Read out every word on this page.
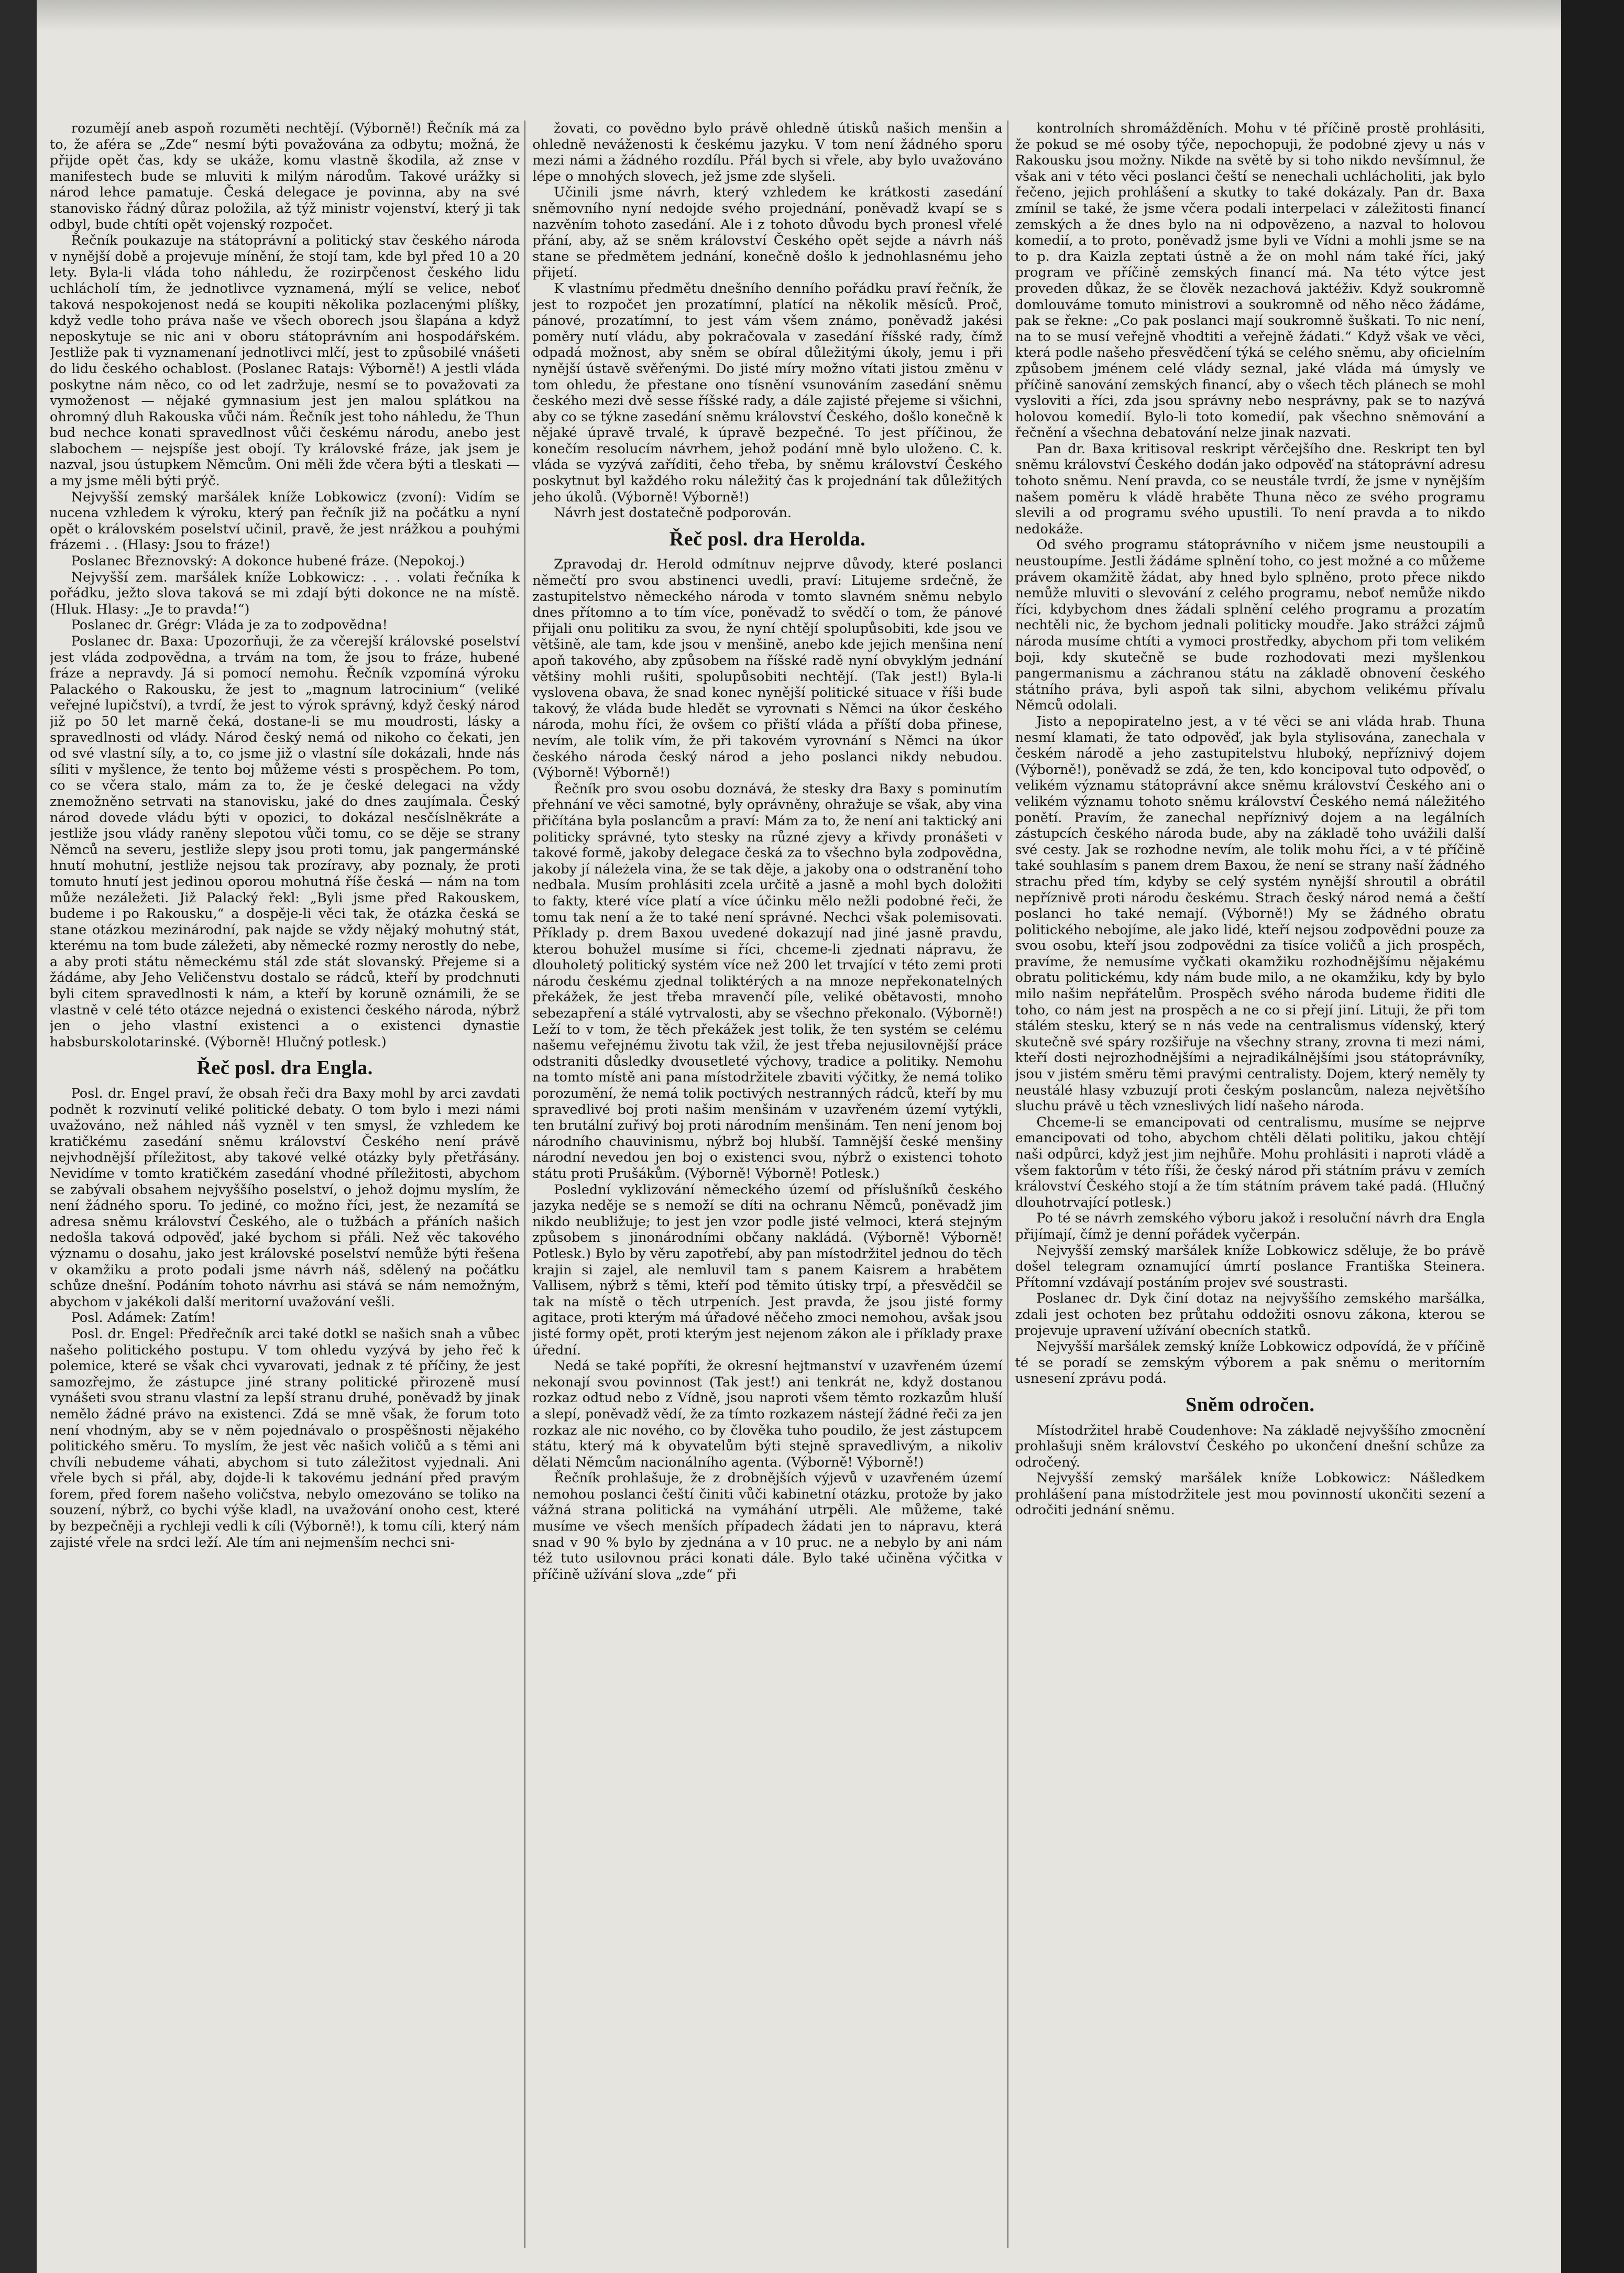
rozumějí aneb aspoň rozuměti nechtějí. (Výborně!) Řečník má za to, že aféra se „Zde“ nesmí býti považována za odbytu; možná, že přijde opět čas, kdy se ukáže, komu vlastně škodila, až znse v manifestech bude se mluviti k milým národům. Takové urážky si národ lehce pamatuje. Česká delegace je povinna, aby na své stanovisko řádný důraz položila, až týž ministr vojenství, který ji tak odbyl, bude chtíti opět vojenský rozpočet.

Řečník poukazuje na státoprávní a politický stav českého národa v nynější době a projevuje mínění, že stojí tam, kde byl před 10 a 20 lety. Byla-li vláda toho náhledu, že rozirpčenost českého lidu uchlácholí tím, že jednotlivce vyznamená, mýlí se velice, neboť taková nespokojenost nedá se koupiti několika pozlacenými plíšky, když vedle toho práva naše ve všech oborech jsou šlapána a když neposkytuje se nic ani v oboru státoprávním ani hospodářském. Jestliže pak ti vyznamenaní jednotlivci mlčí, jest to způsobilé vnášeti do lidu českého ochablost. (Poslanec Ratajs: Výborně!) A jestli vláda poskytne nám něco, co od let zadržuje, nesmí se to považovati za vymoženost — nějaké gymnasium jest jen malou splátkou na ohromný dluh Rakouska vůči nám. Řečník jest toho náhledu, že Thun bud nechce konati spravedlnost vůči českému národu, anebo jest slabochem — nejspíše jest obojí. Ty královské fráze, jak jsem je nazval, jsou ústupkem Němcům. Oni měli žde včera býti a tleskati — a my jsme měli býti prýč.

Nejvyšší zemský maršálek kníže Lobkowicz (zvoní): Vidím se nucena vzhledem k výroku, který pan řečník již na počátku a nyní opět o královském poselství učinil, pravě, že jest nrážkou a pouhými frázemi . . (Hlasy: Jsou to fráze!)

Poslanec Březnovský: A dokonce hubené fráze. (Nepokoj.)

Nejvyšší zem. maršálek kníže Lobkowicz: . . . volati řečníka k pořádku, ježto slova taková se mi zdají býti dokonce ne na místě. (Hluk. Hlasy: „Je to pravda!“)

Poslanec dr. Grégr: Vláda je za to zodpovědna!

Poslanec dr. Baxa: Upozorňuji, že za včerejší královské poselství jest vláda zodpovědna, a trvám na tom, že jsou to fráze, hubené fráze a nepravdy. Já si pomocí nemohu. Řečník vzpomíná výroku Palackého o Rakousku, že jest to „magnum latrocinium“ (veliké veřejné lupičství), a tvrdí, že jest to výrok správný, když český národ již po 50 let marně čeká, dostane-li se mu moudrosti, lásky a spravedlnosti od vlády. Národ český nemá od nikoho co čekati, jen od své vlastní síly, a to, co jsme již o vlastní síle dokázali, hnde nás síliti v myšlence, že tento boj můžeme vésti s prospěchem. Po tom, co se včera stalo, mám za to, že je české delegaci na vždy znemožněno setrvati na stanovisku, jaké do dnes zaujímala. Český národ dovede vládu býti v opozici, to dokázal nesčíslněkráte a jestliže jsou vlády raněny slepotou vůči tomu, co se děje se strany Němců na severu, jestliže slepy jsou proti tomu, jak pangermánské hnutí mohutní, jestliže nejsou tak prozíravy, aby poznaly, že proti tomuto hnutí jest jedinou oporou mohutná říše česká — nám na tom může nezáležeti. Již Palacký řekl: „Byli jsme před Rakouskem, budeme i po Rakousku,“ a dospěje-li věci tak, že otázka česká se stane otázkou mezinárodní, pak najde se vždy nějaký mohutný stát, kterému na tom bude záležeti, aby německé rozmy nerostly do nebe, a aby proti státu německému stál zde stát slovanský. Přejeme si a žádáme, aby Jeho Veličenstvu dostalo se rádců, kteří by prodchnuti byli citem spravedlnosti k nám, a kteří by koruně oznámili, že se vlastně v celé této otázce nejedná o existenci českého národa, nýbrž jen o jeho vlastní existenci a o existenci dynastie habsburskolotarinské. (Výborně! Hlučný potlesk.)

Řeč posl. dra Engla.

Posl. dr. Engel praví, že obsah řeči dra Baxy mohl by arci zavdati podnět k rozvinutí veliké politické debaty. O tom bylo i mezi námi uvažováno, než náhled náš vyzněl v ten smysl, že vzhledem ke kratičkému zasedání sněmu království Českého není právě nejvhodnější příležitost, aby takové velké otázky byly přetřásány. Nevidíme v tomto kratičkém zasedání vhodné příležitosti, abychom se zabývali obsahem nejvyššího poselství, o jehož dojmu myslím, že není žádného sporu. To jediné, co možno říci, jest, že nezamítá se adresa sněmu království Českého, ale o tužbách a přáních našich nedošla taková odpověď, jaké bychom si přáli. Než věc takového významu o dosahu, jako jest královské poselství nemůže býti řešena v okamžiku a proto podali jsme návrh náš, sdělený na počátku schůze dnešní. Podáním tohoto návrhu asi stává se nám nemožným, abychom v jakékoli další meritorní uvažování vešli.

Posl. Adámek: Zatím!

Posl. dr. Engel: Předřečník arci také dotkl se našich snah a vůbec našeho politického postupu. V tom ohledu vyzývá by jeho řeč k polemice, které se však chci vyvarovati, jednak z té příčiny, že jest samozřejmo, že zástupce jiné strany politické přirozeně musí vynášeti svou stranu vlastní za lepší stranu druhé, poněvadž by jinak nemělo žádné právo na existenci. Zdá se mně však, že forum toto není vhodným, aby se v něm pojednávalo o prospěšnosti nějakého politického směru. To myslím, že jest věc našich voličů a s těmi ani chvíli nebudeme váhati, abychom si tuto záležitost vyjednali. Ani vřele bych si přál, aby, dojde-li k takovému jednání před pravým forem, před forem našeho voličstva, nebylo omezováno se toliko na souzení, nýbrž, co bychi výše kladl, na uvažování onoho cest, které by bezpečněji a rychleji vedli k cíli (Výborně!), k tomu cíli, který nám zajisté vřele na srdci leží. Ale tím ani nejmenším nechci sni-

žovati, co povědno bylo právě ohledně útisků našich menšin a ohledně neváženosti k českému jazyku. V tom není žádného sporu mezi námi a žádného rozdílu. Přál bych si vřele, aby bylo uvažováno lépe o mnohých slovech, jež jsme zde slyšeli.

Učinili jsme návrh, který vzhledem ke krátkosti zasedání sněmovního nyní nedojde svého projednání, poněvadž kvapí se s nazvěním tohoto zasedání. Ale i z tohoto důvodu bych pronesl vřelé přání, aby, až se sněm království Českého opět sejde a návrh náš stane se předmětem jednání, konečně došlo k jednohlasnému jeho přijetí.

K vlastnímu předmětu dnešního denního pořádku praví řečník, že jest to rozpočet jen prozatímní, platící na několik měsíců. Proč, pánové, prozatímní, to jest vám všem známo, poněvadž jakési poměry nutí vládu, aby pokračovala v zasedání říšské rady, čímž odpadá možnost, aby sněm se obíral důležitými úkoly, jemu i při nynější ústavě svěřenými. Do jisté míry možno vítati jistou změnu v tom ohledu, že přestane ono tísnění vsunováním zasedání sněmu českého mezi dvě sesse říšské rady, a dále zajisté přejeme si všichni, aby co se týkne zasedání sněmu království Českého, došlo konečně k nějaké úpravě trvalé, k úpravě bezpečné. To jest příčinou, že konečím resolucím návrhem, jehož podání mně bylo uloženo. C. k. vláda se vyzývá zaříditi, čeho třeba, by sněmu království Českého poskytnut byl každého roku náležitý čas k projednání tak důležitých jeho úkolů. (Výborně! Výborně!)

Návrh jest dostatečně podporován.

Řeč posl. dra Herolda.

Zpravodaj dr. Herold odmítnuv nejprve důvody, které poslanci němečtí pro svou abstinenci uvedli, praví: Litujeme srdečně, že zastupitelstvo německého národa v tomto slavném sněmu nebylo dnes přítomno a to tím více, poněvadž to svědčí o tom, že pánové přijali onu politiku za svou, že nyní chtějí spolupůsobiti, kde jsou ve většině, ale tam, kde jsou v menšině, anebo kde jejich menšina není apoň takového, aby způsobem na říšské radě nyní obvyklým jednání většiny mohli rušiti, spolupůsobiti nechtějí. (Tak jest!) Byla-li vyslovena obava, že snad konec nynější politické situace v říši bude takový, že vláda bude hledět se vyrovnati s Němci na úkor českého národa, mohu říci, že ovšem co přiští vláda a příští doba přinese, nevím, ale tolik vím, že při takovém vyrovnání s Němci na úkor českého národa český národ a jeho poslanci nikdy nebudou. (Výborně! Výborně!)

Řečník pro svou osobu doznává, že stesky dra Baxy s pominutím přehnání ve věci samotné, byly oprávněny, ohražuje se však, aby vina přičítána byla poslancům a praví: Mám za to, že není ani taktický ani politicky správné, tyto stesky na různé zjevy a křivdy pronášeti v takové formě, jakoby delegace česká za to všechno byla zodpovědna, jakoby jí náleżela vina, že se tak děje, a jakoby ona o odstranění toho nedbala. Musím prohlásiti zcela určitě a jasně a mohl bych doložiti to fakty, které více platí a více účinku mělo nežli podobné řeči, že tomu tak není a že to také není správné. Nechci však polemisovati. Příklady p. drem Baxou uvedené dokazují nad jiné jasně pravdu, kterou bohužel musíme si říci, chceme-li zjednati nápravu, že dlouholetý politický systém více než 200 let trvající v této zemi proti národu českému zjednal toliktérých a na mnoze nepřekonatelných překážek, že jest třeba mravenčí píle, veliké obětavosti, mnoho sebezapření a stálé vytrvalosti, aby se všechno překonalo. (Výborně!) Leží to v tom, že těch překážek jest tolik, že ten systém se celému našemu veřejnému životu tak vžil, že jest třeba nejusilovnější práce odstraniti důsledky dvousetleté výchovy, tradice a politiky. Nemohu na tomto místě ani pana místodržitele zbaviti výčitky, že nemá toliko porozumění, že nemá tolik poctivých nestranných rádců, kteří by mu spravedlivé boj proti našim menšinám v uzavřeném území vytýkli, ten brutální zuřivý boj proti národním menšinám. Ten není jenom boj národního chauvinismu, nýbrž boj hlubší. Tamnější české menšiny národní nevedou jen boj o existenci svou, nýbrž o existenci tohoto státu proti Prušákům. (Výborně! Výborně! Potlesk.)

Poslední vyklizování německého území od příslušníků českého jazyka neděje se s nemoží se díti na ochranu Němců, poněvadž jim nikdo neubližuje; to jest jen vzor podle jisté velmoci, která stejným způsobem s jinonárodními občany nakládá. (Výborně! Výborně! Potlesk.) Bylo by věru zapotřebí, aby pan místodržitel jednou do těch krajin si zajel, ale nemluvil tam s panem Kaisrem a hrabětem Vallisem, nýbrž s těmi, kteří pod těmito útisky trpí, a přesvědčil se tak na místě o těch utrpeních. Jest pravda, že jsou jisté formy agitace, proti kterým má úřadové něčeho zmoci nemohou, avšak jsou jisté formy opět, proti kterým jest nejenom zákon ale i příklady praxe úřední.

Nedá se také popříti, že okresní hejtmanství v uzavřeném území nekonají svou povinnost (Tak jest!) ani tenkrát ne, když dostanou rozkaz odtud nebo z Vídně, jsou naproti všem těmto rozkazům hluší a slepí, poněvadž vědí, že za tímto rozkazem nástejí žádné řeči za jen rozkaz ale nic nového, co by člověka tuho poudilo, že jest zástupcem státu, který má k obyvatelům býti stejně spravedlivým, a nikoliv dělati Němcům nacionálního agenta. (Výborně! Výborně!)

Řečník prohlašuje, že z drobnějších výjevů v uzavřeném území nemohou poslanci čeští činiti vůči kabinetní otázku, protože by jako vážná strana politická na vymáhání utrpěli. Ale můžeme, také musíme ve všech menších případech žádati jen to nápravu, která snad v 90 % bylo by zjednána a v 10 pruc. ne a nebylo by ani nám též tuto usilovnou práci konati dále. Bylo také učiněna výčitka v příčině užívání slova „zde“ při

kontrolních shromážděních. Mohu v té příčině prostě prohlásiti, že pokud se mé osoby týče, nepochopuji, že podobné zjevy u nás v Rakousku jsou možny. Nikde na světě by si toho nikdo nevšímnul, že však ani v této věci poslanci čeští se nenechali uchlácholiti, jak bylo řečeno, jejich prohlášení a skutky to také dokázaly. Pan dr. Baxa zmínil se také, že jsme včera podali interpelaci v záležitosti financí zemských a že dnes bylo na ni odpovězeno, a nazval to holovou komedií, a to proto, poněvadž jsme byli ve Vídni a mohli jsme se na to p. dra Kaizla zeptati ústně a že on mohl nám také říci, jaký program ve příčině zemských financí má. Na této výtce jest proveden důkaz, že se člověk nezachová jaktéživ. Když soukromně domlouváme tomuto ministrovi a soukromně od něho něco žádáme, pak se řekne: „Co pak poslanci mají soukromně šuškati. To nic není, na to se musí veřejně vhodtiti a veřejně žádati.“ Když však ve věci, která podle našeho přesvědčení týká se celého sněmu, aby oficielním způsobem jménem celé vlády seznal, jaké vláda má úmysly ve příčině sanování zemských financí, aby o všech těch plánech se mohl vysloviti a říci, zda jsou správny nebo nesprávny, pak se to nazývá holovou komedií. Bylo-li toto komedií, pak všechno sněmování a řečnění a všechna debatování nelze jinak nazvati.

Pan dr. Baxa kritisoval reskript věrčejšího dne. Reskript ten byl sněmu království Českého dodán jako odpověď na státoprávní adresu tohoto sněmu. Není pravda, co se neustále tvrdí, že jsme v nynějším našem poměru k vládě hraběte Thuna něco ze svého programu slevili a od programu svého upustili. To není pravda a to nikdo nedokáže.

Od svého programu státoprávního v ničem jsme neustoupili a neustoupíme. Jestli žádáme splnění toho, co jest možné a co můžeme právem okamžitě žádat, aby hned bylo splněno, proto přece nikdo nemůže mluviti o slevování z celého programu, neboť nemůže nikdo říci, kdybychom dnes žádali splnění celého programu a prozatím nechtěli nic, že bychom jednali politicky moudře. Jako strážci zájmů národa musíme chtíti a vymoci prostředky, abychom při tom velikém boji, kdy skutečně se bude rozhodovati mezi myšlenkou pangermanismu a záchranou státu na základě obnovení českého státního práva, byli aspoň tak silni, abychom velikému přívalu Němců odolali.

Jisto a nepopiratelno jest, a v té věci se ani vláda hrab. Thuna nesmí klamati, že tato odpověď, jak byla stylisována, zanechala v českém národě a jeho zastupitelstvu hluboký, nepříznivý dojem (Výborně!), poněvadž se zdá, že ten, kdo koncipoval tuto odpověď, o velikém významu státoprávní akce sněmu království Českého ani o velikém významu tohoto sněmu království Českého nemá náležitého ponětí. Pravím, že zanechal nepříznivý dojem a na legálních zástupcích českého národa bude, aby na základě toho uvážili další své cesty. Jak se rozhodne nevím, ale tolik mohu říci, a v té příčině také souhlasím s panem drem Baxou, že není se strany naší žádného strachu před tím, kdyby se celý systém nynější shroutil a obrátil nepříznivě proti národu českému. Strach český národ nemá a čeští poslanci ho také nemají. (Výborně!) My se žádného obratu politického nebojíme, ale jako lidé, kteří nejsou zodpovědni pouze za svou osobu, kteří jsou zodpovědni za tisíce voličů a jich prospěch, pravíme, že nemusíme vyčkati okamžiku rozhodnějšímu nějakému obratu politickému, kdy nám bude milo, a ne okamžiku, kdy by bylo milo našim nepřátelům. Prospěch svého národa budeme řiditi dle toho, co nám jest na prospěch a ne co si přejí jiní. Lituji, že při tom stálém stesku, který se n nás vede na centralismus vídenský, který skutečně své spáry rozšiřuje na všechny strany, zrovna ti mezi námi, kteří dosti nejrozhodnějšími a nejradikálnějšími jsou státoprávníky, jsou v jistém směru těmi pravými centralisty. Dojem, který neměly ty neustálé hlasy vzbuzují proti českým poslancům, naleza největšího sluchu právě u těch vzneslivých lidí našeho národa.

Chceme-li se emancipovati od centralismu, musíme se nejprve emancipovati od toho, abychom chtěli dělati politiku, jakou chtějí naši odpůrci, když jest jim nejhůře. Mohu prohlásiti i naproti vládě a všem faktorům v této říši, že český národ při státním právu v zemích království Českého stojí a že tím státním právem také padá. (Hlučný dlouhotrvající potlesk.)

Po té se návrh zemského výboru jakož i resoluční návrh dra Engla přijímají, čímž je denní pořádek vyčerpán.

Nejvyšší zemský maršálek kníže Lobkowicz sděluje, že bo právě došel telegram oznamující úmrtí poslance Františka Steinera. Přítomní vzdávají postáním projev své soustrasti.

Poslanec dr. Dyk činí dotaz na nejvyššího zemského maršálka, zdali jest ochoten bez průtahu oddožiti osnovu zákona, kterou se projevuje upravení užívání obecních statků.

Nejvyšší maršálek zemský kníže Lobkowicz odpovídá, že v příčině té se poradí se zemským výborem a pak sněmu o meritorním usnesení zprávu podá.

Sněm odročen.

Místodržitel hrabě Coudenhove: Na základě nejvyššího zmocnění prohlašuji sněm království Českého po ukončení dnešní schůze za odročený.

Nejvyšší zemský maršálek kníže Lobkowicz: Nášledkem prohlášení pana místodržitele jest mou povinností ukončiti sezení a odročiti jednání sněmu.
